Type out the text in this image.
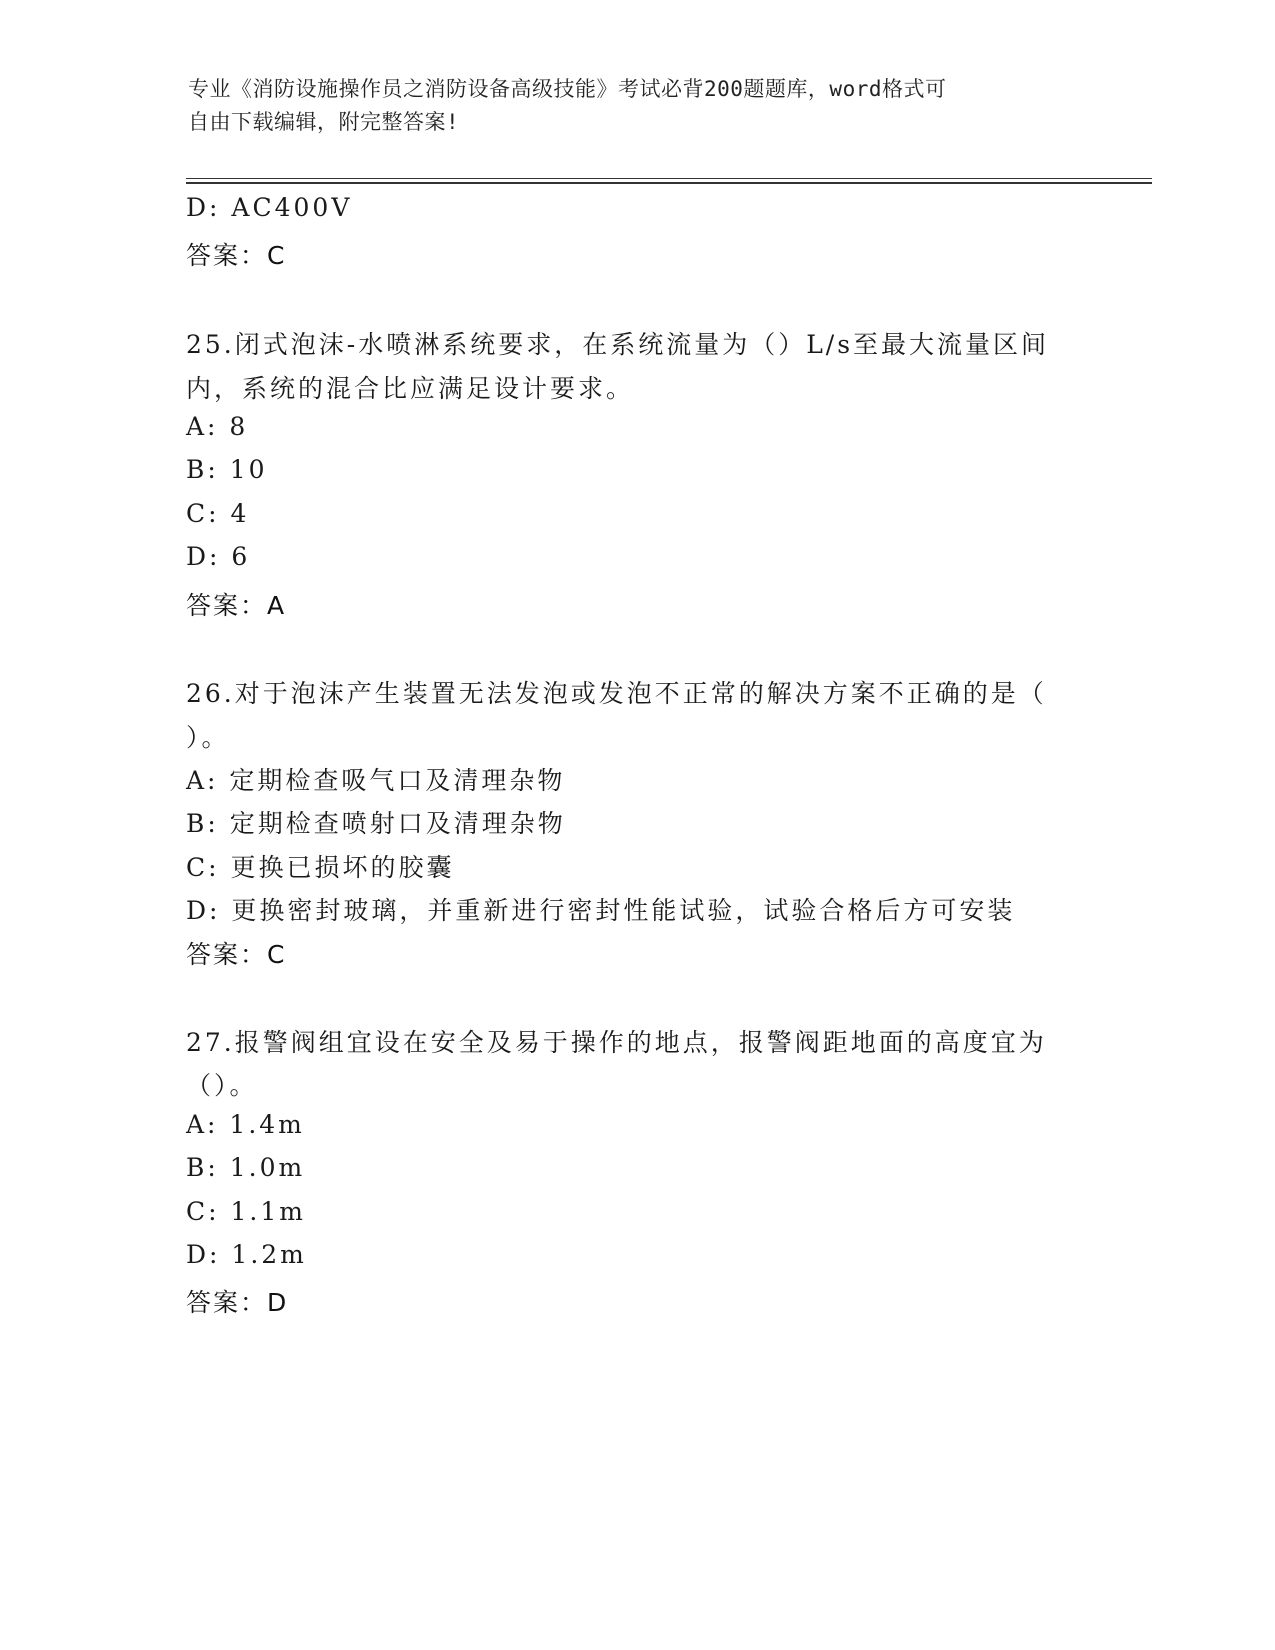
专业《消防设施操作员之消防设备高级技能》考试必背200题题库，word格式可
自由下载编辑，附完整答案!
D: AC400V
答案：C
25.闭式泡沫-水喷淋系统要求，在系统流量为（）L/s至最大流量区间
内，系统的混合比应满足设计要求。
A: 8
B: 10
C: 4
D: 6
答案：A
26.对于泡沫产生装置无法发泡或发泡不正常的解决方案不正确的是（
）。
A: 定期检查吸气口及清理杂物
B: 定期检查喷射口及清理杂物
C: 更换已损坏的胶囊
D: 更换密封玻璃，并重新进行密封性能试验，试验合格后方可安装
答案：C
27.报警阀组宜设在安全及易于操作的地点，报警阀距地面的高度宜为
（）。
A: 1.4m
B: 1.0m
C: 1.1m
D: 1.2m
答案：D
